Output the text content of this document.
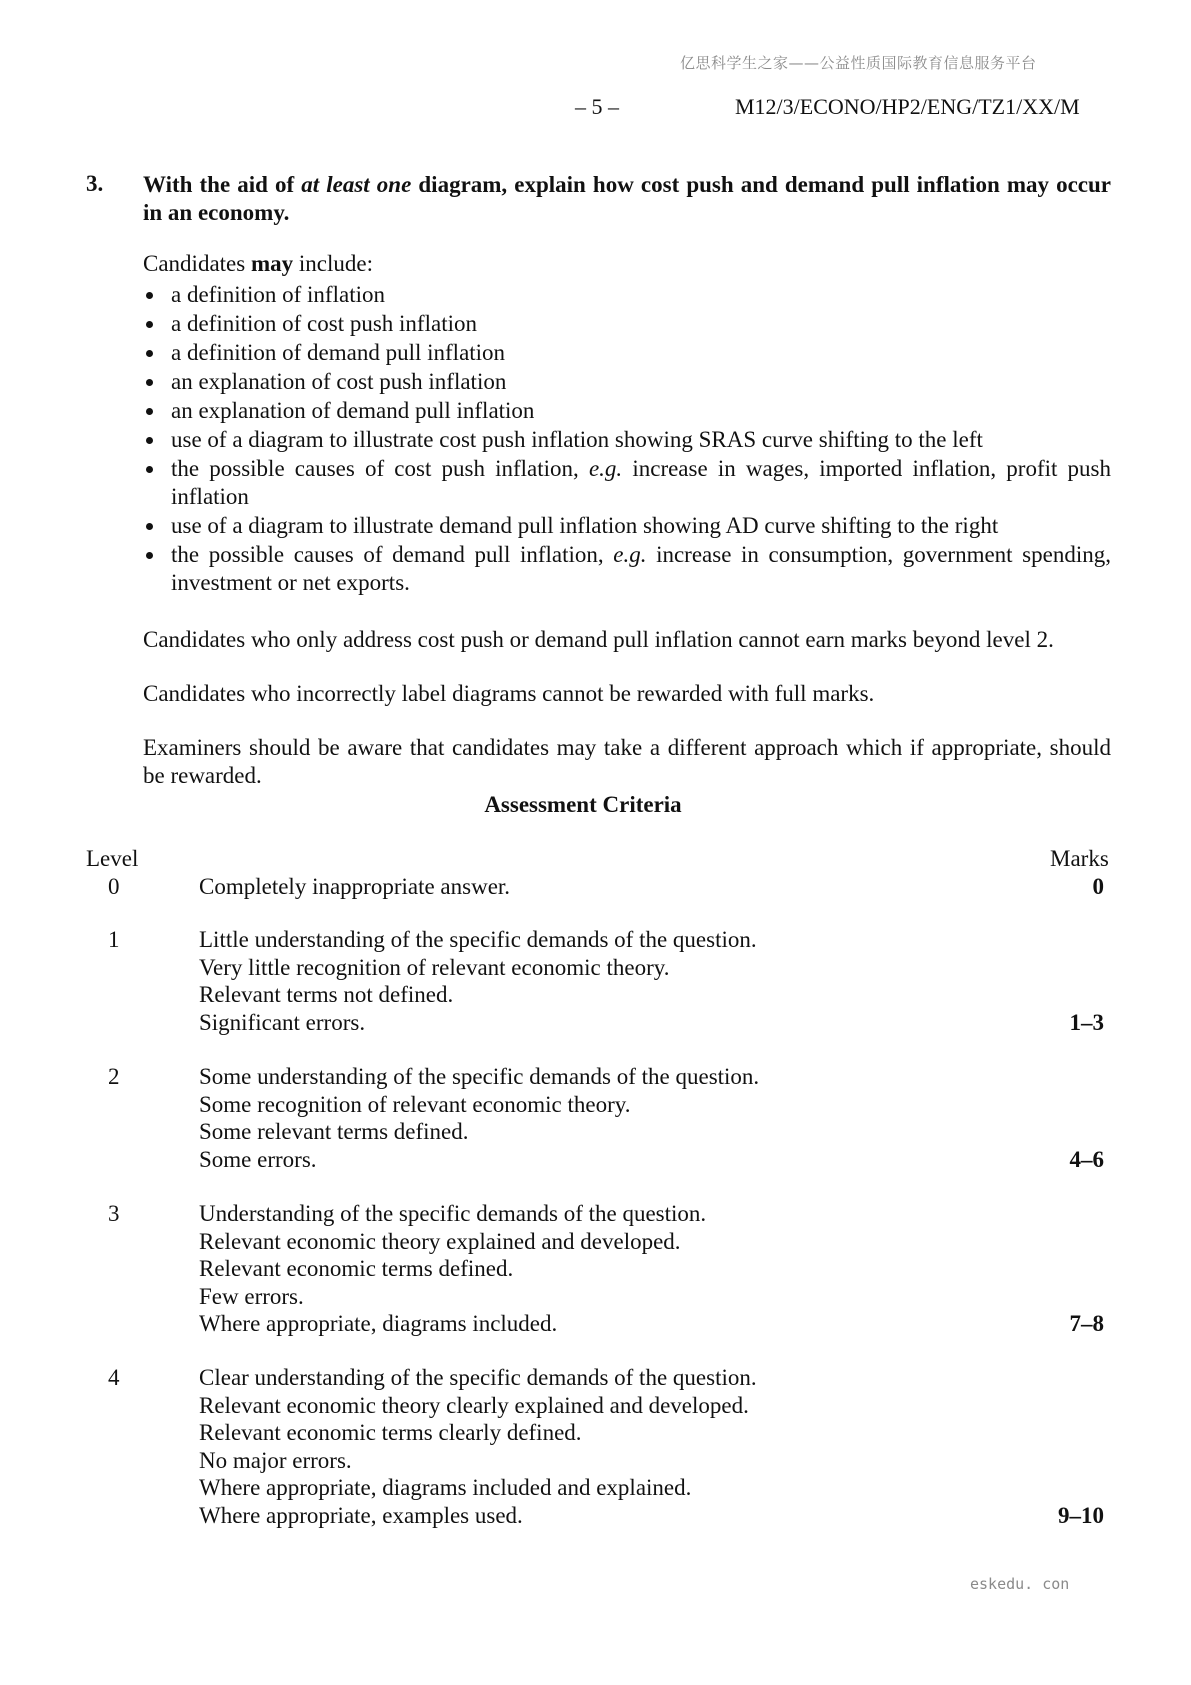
亿思科学生之家——公益性质国际教育信息服务平台
– 5 –	M12/3/ECONO/HP2/ENG/TZ1/XX/M
3. With the aid of at least one diagram, explain how cost push and demand pull inflation may occur in an economy.
Candidates may include:
a definition of inflation
a definition of cost push inflation
a definition of demand pull inflation
an explanation of cost push inflation
an explanation of demand pull inflation
use of a diagram to illustrate cost push inflation showing SRAS curve shifting to the left
the possible causes of cost push inflation, e.g. increase in wages, imported inflation, profit push inflation
use of a diagram to illustrate demand pull inflation showing AD curve shifting to the right
the possible causes of demand pull inflation, e.g. increase in consumption, government spending, investment or net exports.
Candidates who only address cost push or demand pull inflation cannot earn marks beyond level 2.
Candidates who incorrectly label diagrams cannot be rewarded with full marks.
Examiners should be aware that candidates may take a different approach which if appropriate, should be rewarded.
Assessment Criteria
Level	Marks
0	Completely inappropriate answer.	0
1	Little understanding of the specific demands of the question.
Very little recognition of relevant economic theory.
Relevant terms not defined.
Significant errors.	1–3
2	Some understanding of the specific demands of the question.
Some recognition of relevant economic theory.
Some relevant terms defined.
Some errors.	4–6
3	Understanding of the specific demands of the question.
Relevant economic theory explained and developed.
Relevant economic terms defined.
Few errors.
Where appropriate, diagrams included.	7–8
4	Clear understanding of the specific demands of the question.
Relevant economic theory clearly explained and developed.
Relevant economic terms clearly defined.
No major errors.
Where appropriate, diagrams included and explained.
Where appropriate, examples used.	9–10
eskedu. con
